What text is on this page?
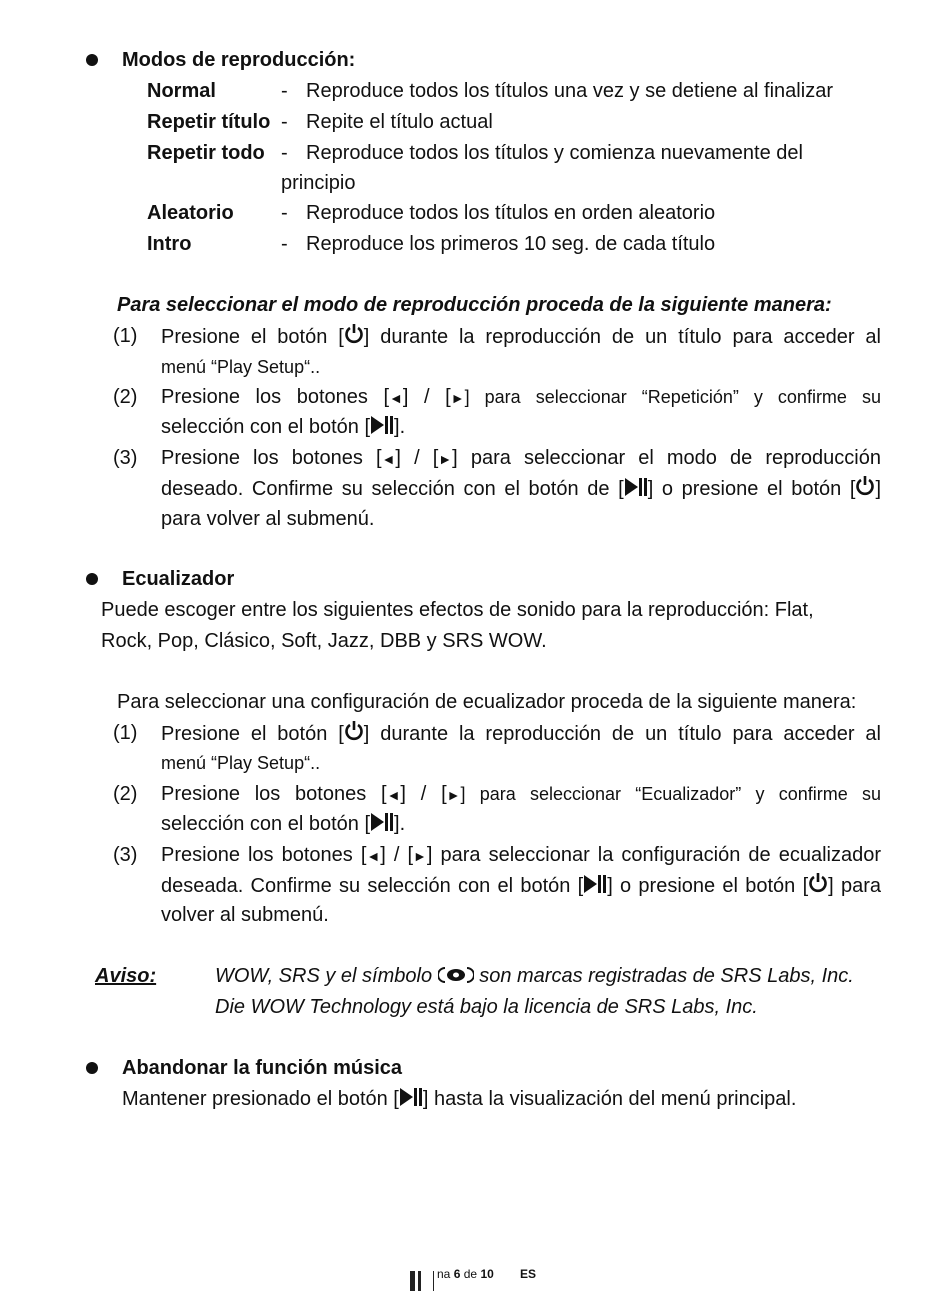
Modos de reproducción:
Normal	- Reproduce todos los títulos una vez y se detiene al finalizar
Repetir título - Repite el título actual
Repetir todo - Reproduce todos los títulos y comienza nuevamente del
principio
Aleatorio - Reproduce todos los títulos en orden aleatorio
Intro	- Reproduce los primeros 10 seg. de cada título
Para seleccionar el modo de reproducción proceda de la siguiente manera:
(1) Presione el botón [ ] durante la reproducción de un título para acceder al
menú “Play Setup“..
(2) Presione los botones [◄] / [►] para seleccionar “Repetición” y confirme su
selección con el botón [ ].
(3) Presione los botones [◄] / [►] para seleccionar el modo de reproducción
deseado. Confirme su selección con el botón de [ ] o presione el botón [ ]
para volver al submenú.
Ecualizador
Puede escoger entre los siguientes efectos de sonido para la reproducción: Flat,
Rock, Pop, Clásico, Soft, Jazz, DBB y SRS WOW.
Para seleccionar una configuración de ecualizador proceda de la siguiente manera:
(1) Presione el botón [ ] durante la reproducción de un título para acceder al
menú “Play Setup“..
(2) Presione los botones [◄] / [►] para seleccionar “Ecualizador” y confirme su
selección con el botón [ ].
(3) Presione los botones [◄] / [►] para seleccionar la configuración de ecualizador
deseada. Confirme su selección con el botón [ ] o presione el botón [ ] para
volver al submenú.
Aviso:	WOW, SRS y el símbolo son marcas registradas de SRS Labs, Inc.
Die WOW Technology está bajo la licencia de SRS Labs, Inc.
Abandonar la función música
Mantener presionado el botón [ ] hasta la visualización del menú principal.
na 6 de 10 ES
